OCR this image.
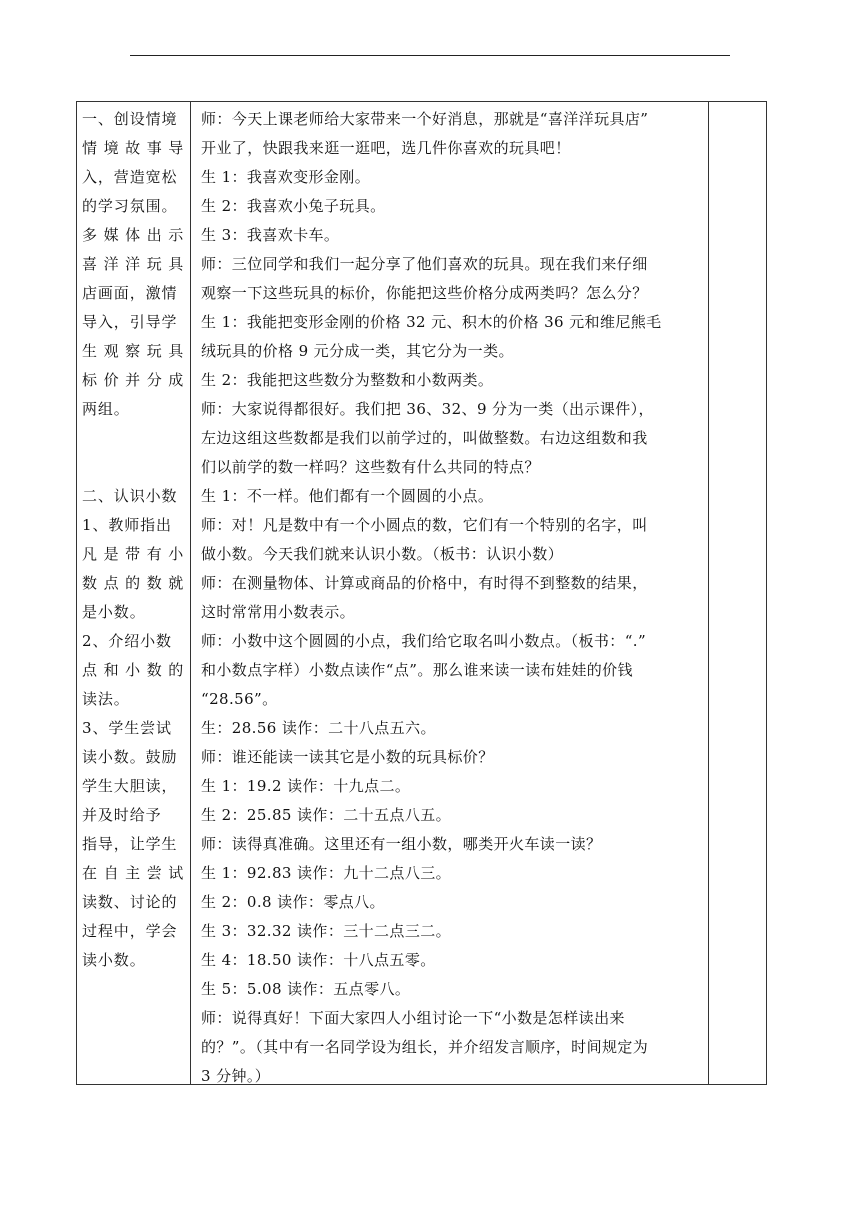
一、创设情境
情 境 故 事 导
入，营造宽松
的学习氛围。
多 媒 体 出 示
喜 洋 洋 玩 具
店画面，激情
导入，引导学
生 观 察 玩 具
标 价 并 分 成
两组。
二、认识小数
1、教师指出
凡 是 带 有 小
数 点 的 数 就
是小数。
2、介绍小数
点 和 小 数 的
读法。
3、学生尝试
读小数。鼓励
学生大胆读，
并及时给予
指导，让学生
在 自 主 尝 试
读数、讨论的
过程中，学会
读小数。
师：今天上课老师给大家带来一个好消息，那就是“喜洋洋玩具店”
开业了，快跟我来逛一逛吧，选几件你喜欢的玩具吧！
生 1：我喜欢变形金刚。
生 2：我喜欢小兔子玩具。
生 3：我喜欢卡车。
师：三位同学和我们一起分享了他们喜欢的玩具。现在我们来仔细
观察一下这些玩具的标价，你能把这些价格分成两类吗？怎么分？
生 1：我能把变形金刚的价格 32 元、积木的价格 36 元和维尼熊毛
绒玩具的价格 9 元分成一类，其它分为一类。
生 2：我能把这些数分为整数和小数两类。
师：大家说得都很好。我们把 36、32、9 分为一类（出示课件），
左边这组这些数都是我们以前学过的，叫做整数。右边这组数和我
们以前学的数一样吗？这些数有什么共同的特点？
生 1：不一样。他们都有一个圆圆的小点。
师：对！凡是数中有一个小圆点的数，它们有一个特别的名字，叫
做小数。今天我们就来认识小数。（板书：认识小数）
师：在测量物体、计算或商品的价格中，有时得不到整数的结果，
这时常常用小数表示。
师：小数中这个圆圆的小点，我们给它取名叫小数点。（板书：“.”
和小数点字样）小数点读作“点”。那么谁来读一读布娃娃的价钱
“28.56”。
生：28.56 读作：二十八点五六。
师：谁还能读一读其它是小数的玩具标价？
生 1：19.2 读作：十九点二。
生 2：25.85 读作：二十五点八五。
师：读得真准确。这里还有一组小数，哪类开火车读一读？
生 1：92.83 读作：九十二点八三。
生 2：0.8 读作：零点八。
生 3：32.32 读作：三十二点三二。
生 4：18.50 读作：十八点五零。
生 5：5.08 读作：五点零八。
师：说得真好！下面大家四人小组讨论一下“小数是怎样读出来
的？”。（其中有一名同学设为组长，并介绍发言顺序，时间规定为
3 分钟。）
